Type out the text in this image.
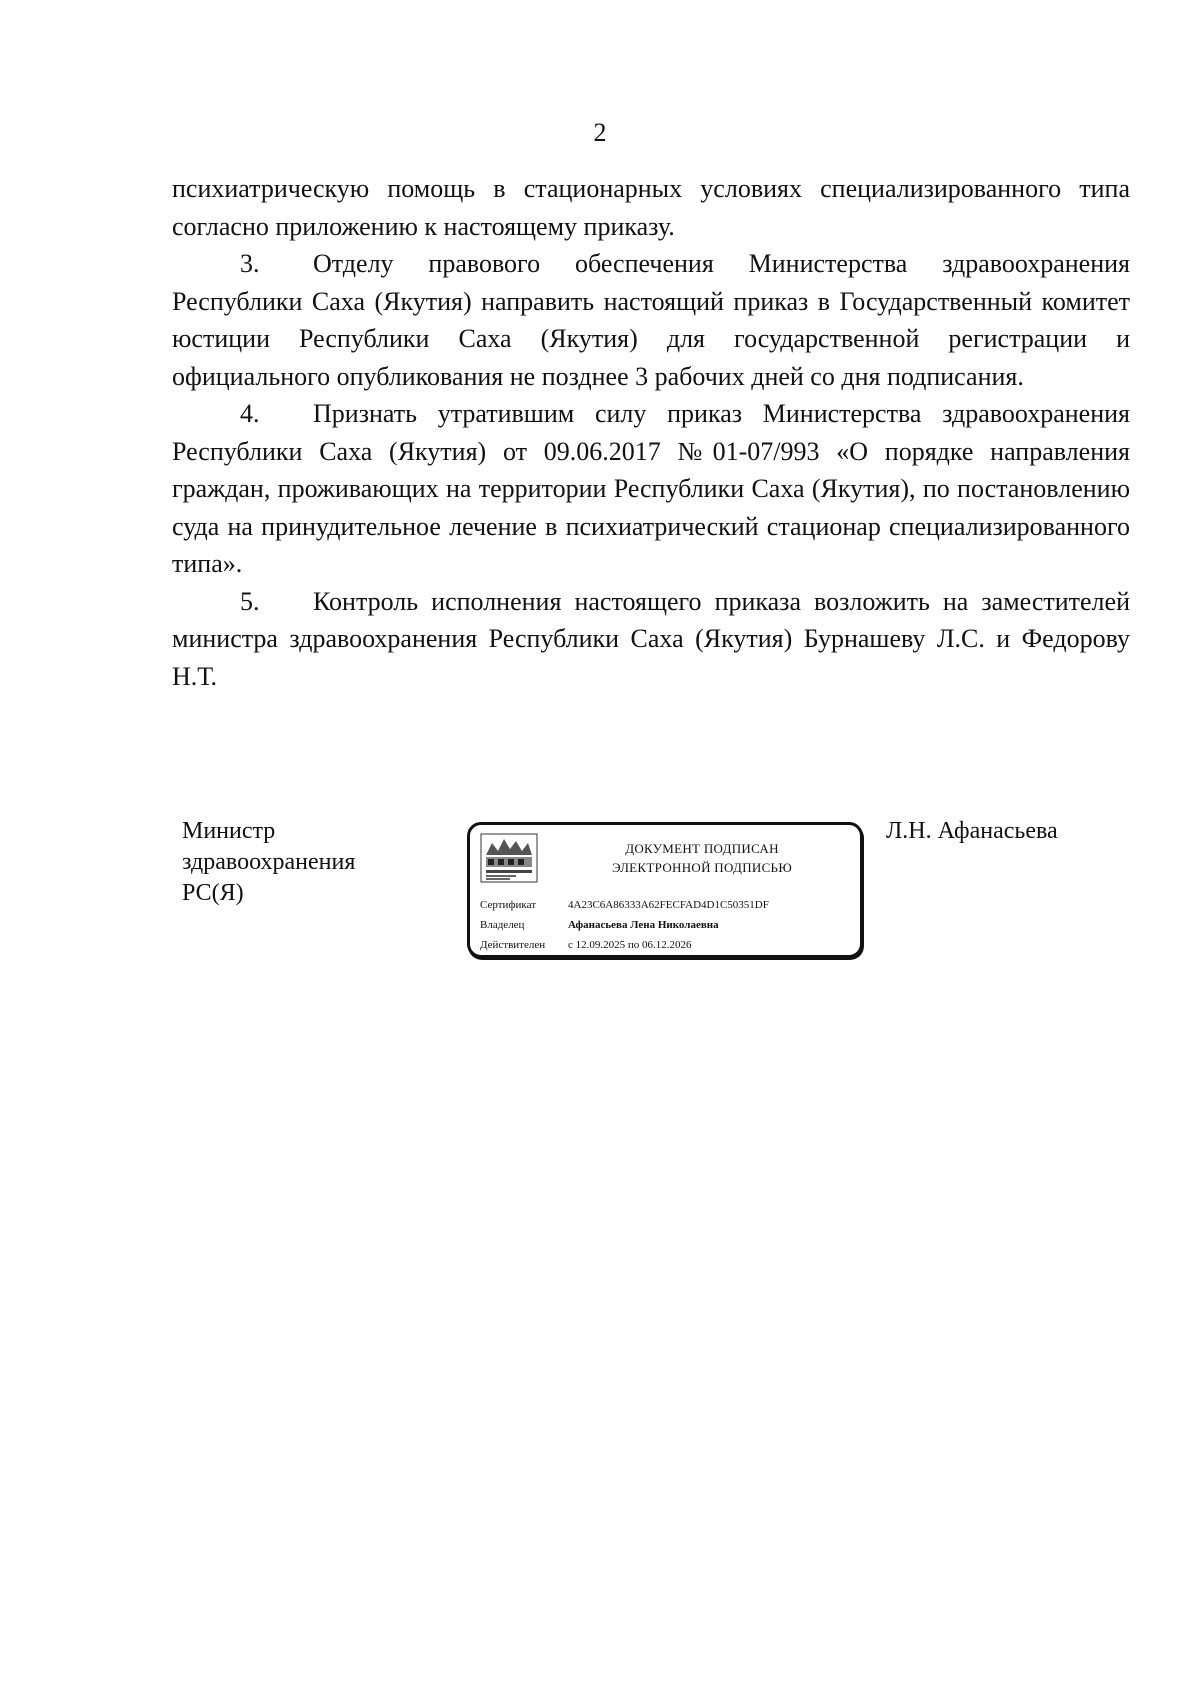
2

психиатрическую помощь в стационарных условиях специализированного типа согласно приложению к настоящему приказу.

3. Отделу правового обеспечения Министерства здравоохранения Республики Саха (Якутия) направить настоящий приказ в Государственный комитет юстиции Республики Саха (Якутия) для государственной регистрации и официального опубликования не позднее 3 рабочих дней со дня подписания.

4. Признать утратившим силу приказ Министерства здравоохранения Республики Саха (Якутия) от 09.06.2017 №01-07/993 «О порядке направления граждан, проживающих на территории Республики Саха (Якутия), по постановлению суда на принудительное лечение в психиатрический стационар специализированного типа».

5. Контроль исполнения настоящего приказа возложить на заместителей министра здравоохранения Республики Саха (Якутия) Бурнашеву Л.С. и Федорову Н.Т.

Министр
здравоохранения
РС(Я)
ДОКУМЕНТ ПОДПИСАН
ЭЛЕКТРОННОЙ ПОДПИСЬЮ
Сертификат	4A23C6A86333A62FECFAD4D1C50351DF
Владелец	Афанасьева Лена Николаевна
Действителен с 12.09.2025 по 06.12.2026
Л.Н. Афанасьева
